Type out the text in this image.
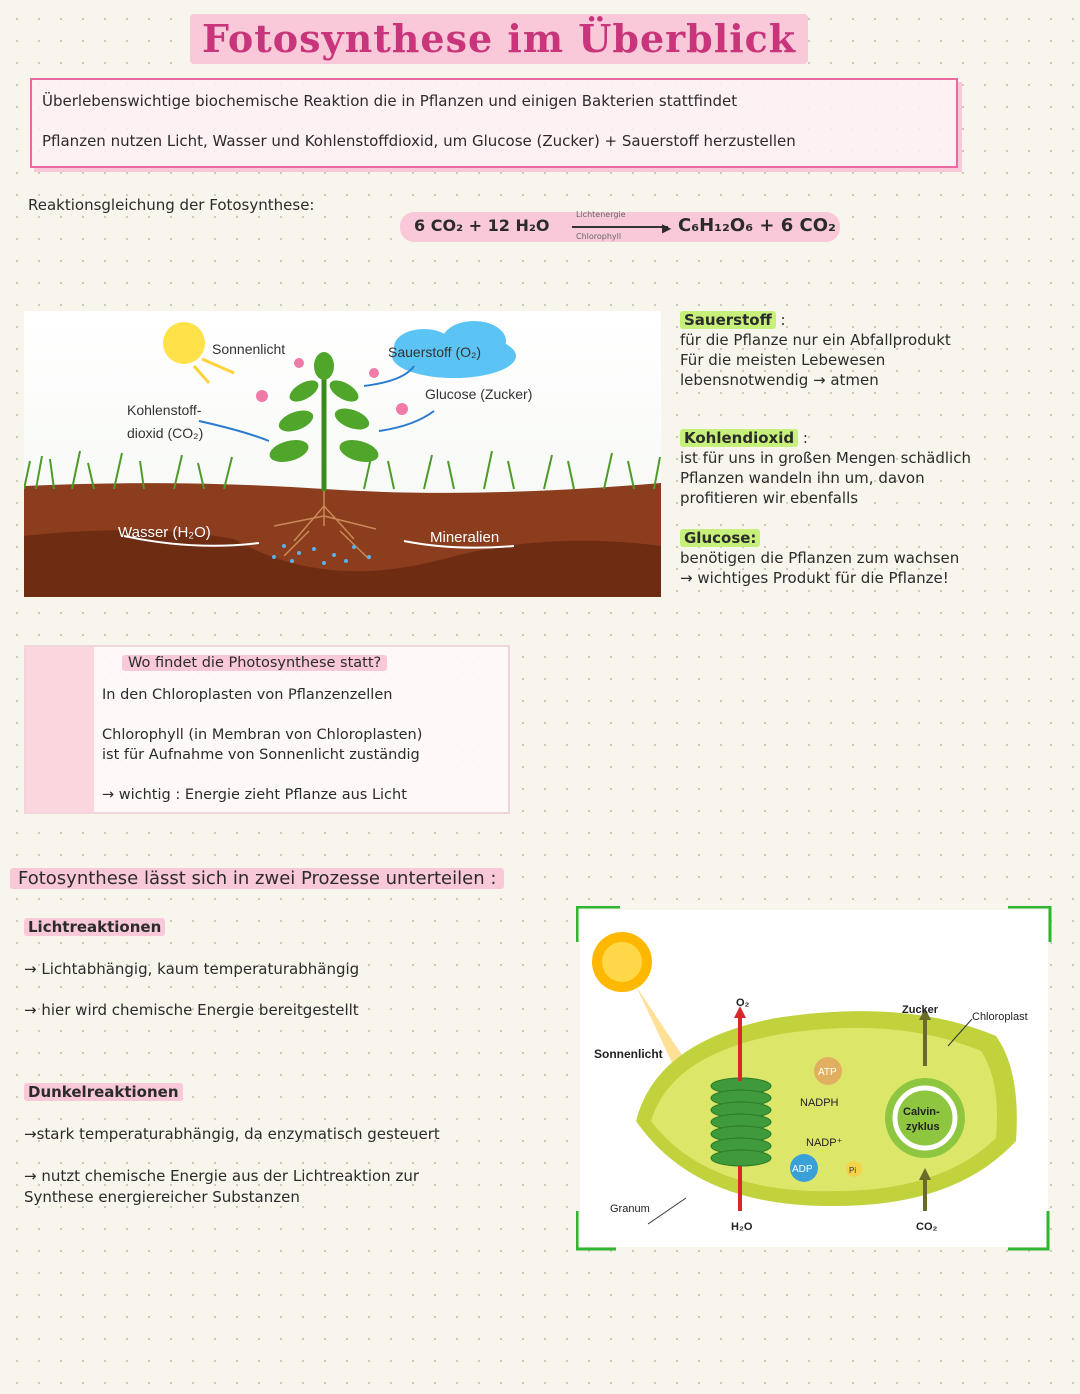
Fotosynthese im Überblick
Überlebenswichtige biochemische Reaktion die in Pflanzen und einigen Bakterien stattfindet
Pflanzen nutzen Licht, Wasser und Kohlenstoffdioxid, um Glucose (Zucker) + Sauerstoff herzustellen
Reaktionsgleichung der Fotosynthese:
6 CO₂ + 12 H₂O
Lichtenergie
▶
Chlorophyll
C₆H₁₂O₆ + 6 CO₂
Sonnenlicht	Sauerstoff (O₂)
Glucose (Zucker)
Kohlenstoff-
dioxid (CO₂)
Wasser (H₂O)	Mineralien
Sauerstoff :
für die Pflanze nur ein Abfallprodukt
Für die meisten Lebewesen
lebensnotwendig → atmen
Kohlendioxid :
ist für uns in großen Mengen schädlich
Pflanzen wandeln ihn um, davon
profitieren wir ebenfalls
Glucose:
benötigen die Pflanzen zum wachsen
→ wichtiges Produkt für die Pflanze!
Wo findet die Photosynthese statt?
In den Chloroplasten von Pflanzenzellen
Chlorophyll (in Membran von Chloroplasten)
ist für Aufnahme von Sonnenlicht zuständig
→ wichtig : Energie zieht Pflanze aus Licht
Fotosynthese lässt sich in zwei Prozesse unterteilen :
Lichtreaktionen
→ Lichtabhängig, kaum temperaturabhängig
→ hier wird chemische Energie bereitgestellt
Dunkelreaktionen
→stark temperaturabhängig, da enzymatisch gesteuert
→ nutzt chemische Energie aus der Lichtreaktion zur
Synthese energiereicher Substanzen
O₂
Sonnenlicht
Zucker
Chloroplast
ATP
NADPH
NADP⁺
ADP	Pi
Calvin-
zyklus
Granum
H₂O	CO₂
